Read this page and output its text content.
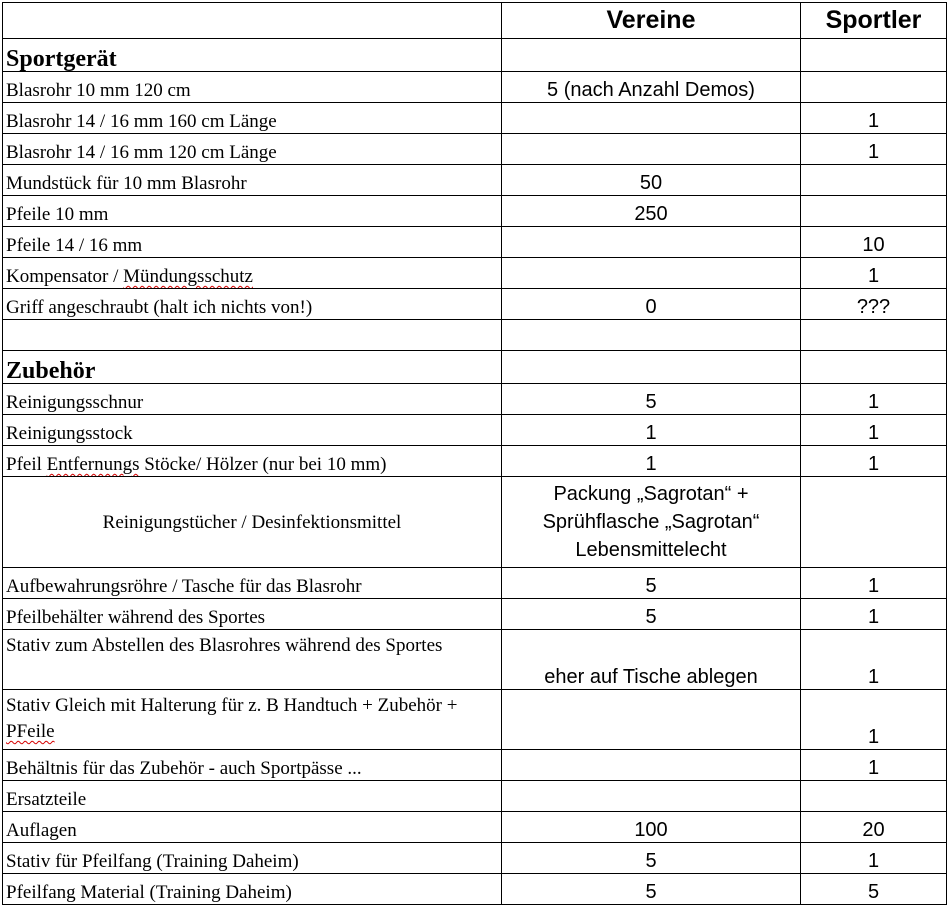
	Vereine	Sportler
Sportgerät		
Blasrohr 10 mm 120 cm	5 (nach Anzahl Demos)	
Blasrohr 14 / 16 mm 160 cm Länge		1
Blasrohr 14 / 16 mm 120 cm Länge		1
Mundstück für 10 mm Blasrohr	50	
Pfeile 10 mm	250	
Pfeile 14 / 16 mm		10
Kompensator / Mündungsschutz		1
Griff angeschraubt (halt ich nichts von!)	0	???

Zubehör		
Reinigungsschnur	5	1
Reinigungsstock	1	1
Pfeil Entfernungs Stöcke/ Hölzer (nur bei 10 mm)	1	1
Reinigungstücher / Desinfektionsmittel	Packung „Sagrotan“ +
Sprühflasche „Sagrotan“
Lebensmittelecht	

Aufbewahrungsröhre / Tasche für das Blasrohr	5	1
Pfeilbehälter während des Sportes	5	1
Stativ zum Abstellen des Blasrohres während des Sportes	eher auf Tische ablegen	1
Stativ Gleich mit Halterung für z. B Handtuch + Zubehör + PFeile		1
Behältnis für das Zubehör - auch Sportpässe ...		1
Ersatzteile		
Auflagen	100	20
Stativ für Pfeilfang (Training Daheim)	5	1
Pfeilfang Material (Training Daheim)	5	5
